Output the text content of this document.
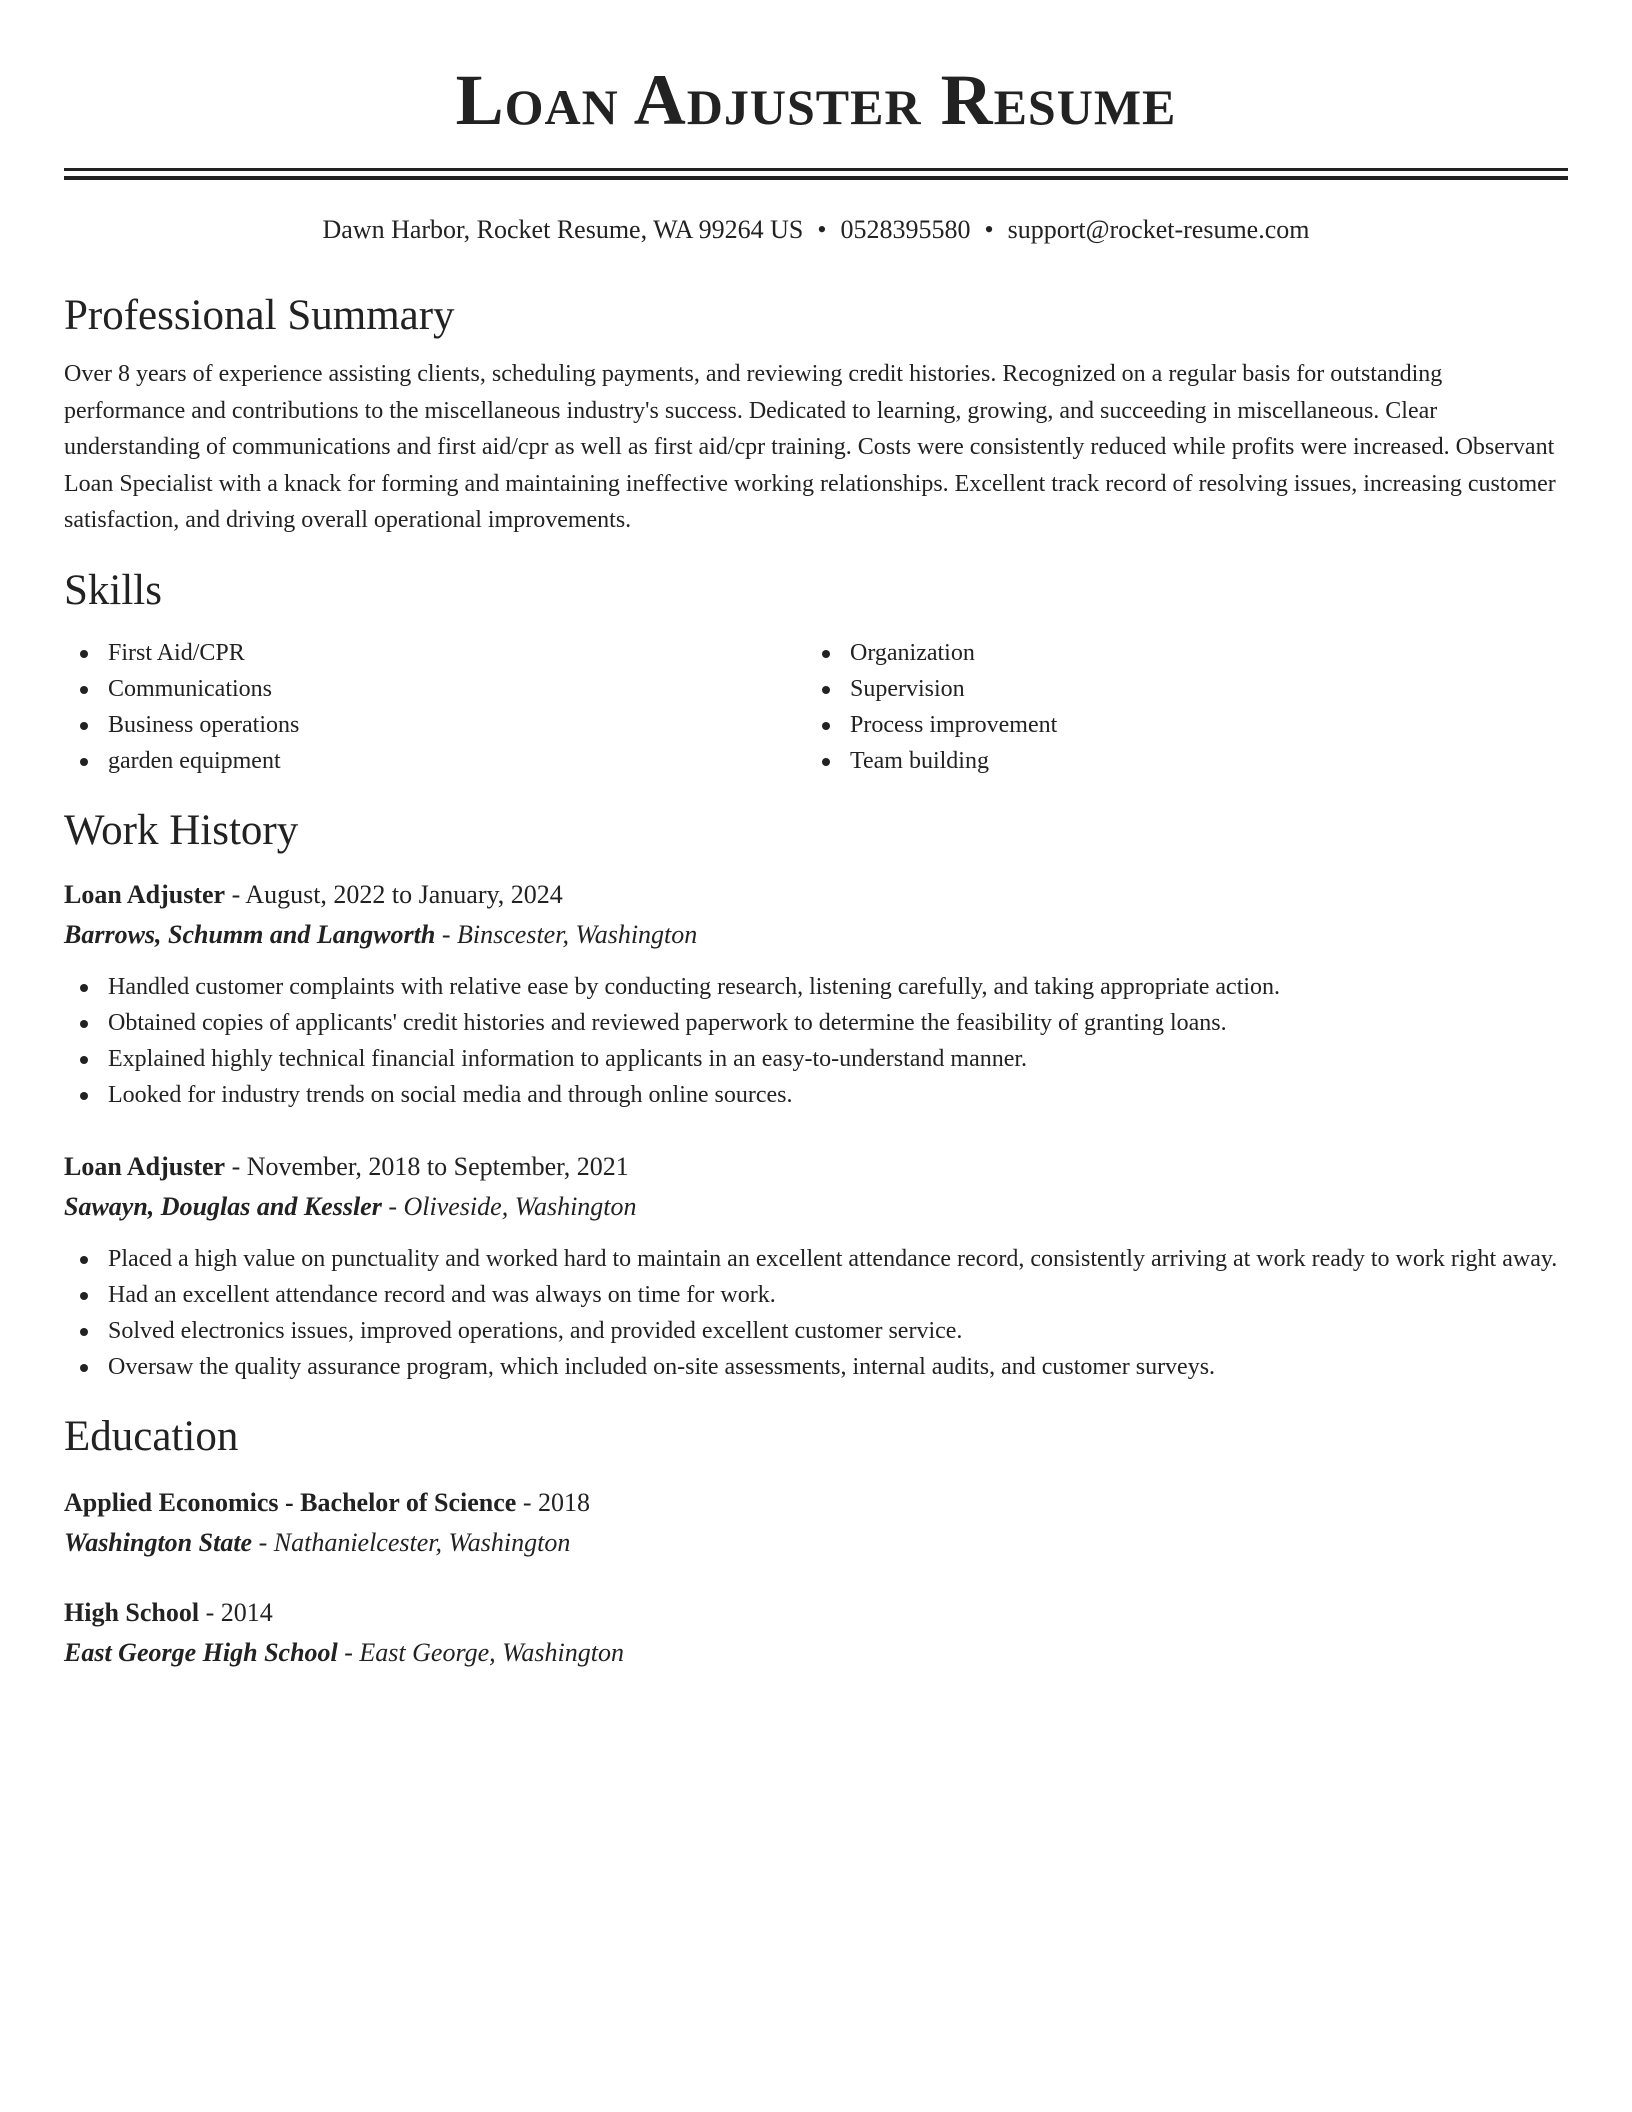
Loan Adjuster Resume
Dawn Harbor, Rocket Resume, WA 99264 US • 0528395580 • support@rocket-resume.com
Professional Summary

Over 8 years of experience assisting clients, scheduling payments, and reviewing credit histories. Recognized on a regular basis for outstanding performance and contributions to the miscellaneous industry's success. Dedicated to learning, growing, and succeeding in miscellaneous. Clear understanding of communications and first aid/cpr as well as first aid/cpr training. Costs were consistently reduced while profits were increased. Observant Loan Specialist with a knack for forming and maintaining ineffective working relationships. Excellent track record of resolving issues, increasing customer satisfaction, and driving overall operational improvements.

Skills
First Aid/CPR
Communications
Business operations
garden equipment
Organization
Supervision
Process improvement
Team building
Work History
Loan Adjuster - August, 2022 to January, 2024
Barrows, Schumm and Langworth - Binscester, Washington
Handled customer complaints with relative ease by conducting research, listening carefully, and taking appropriate action.
Obtained copies of applicants' credit histories and reviewed paperwork to determine the feasibility of granting loans.
Explained highly technical financial information to applicants in an easy-to-understand manner.
Looked for industry trends on social media and through online sources.
Loan Adjuster - November, 2018 to September, 2021
Sawayn, Douglas and Kessler - Oliveside, Washington
Placed a high value on punctuality and worked hard to maintain an excellent attendance record, consistently arriving at work ready to work right away.
Had an excellent attendance record and was always on time for work.
Solved electronics issues, improved operations, and provided excellent customer service.
Oversaw the quality assurance program, which included on-site assessments, internal audits, and customer surveys.
Education
Applied Economics - Bachelor of Science - 2018
Washington State - Nathanielcester, Washington
High School - 2014
East George High School - East George, Washington
